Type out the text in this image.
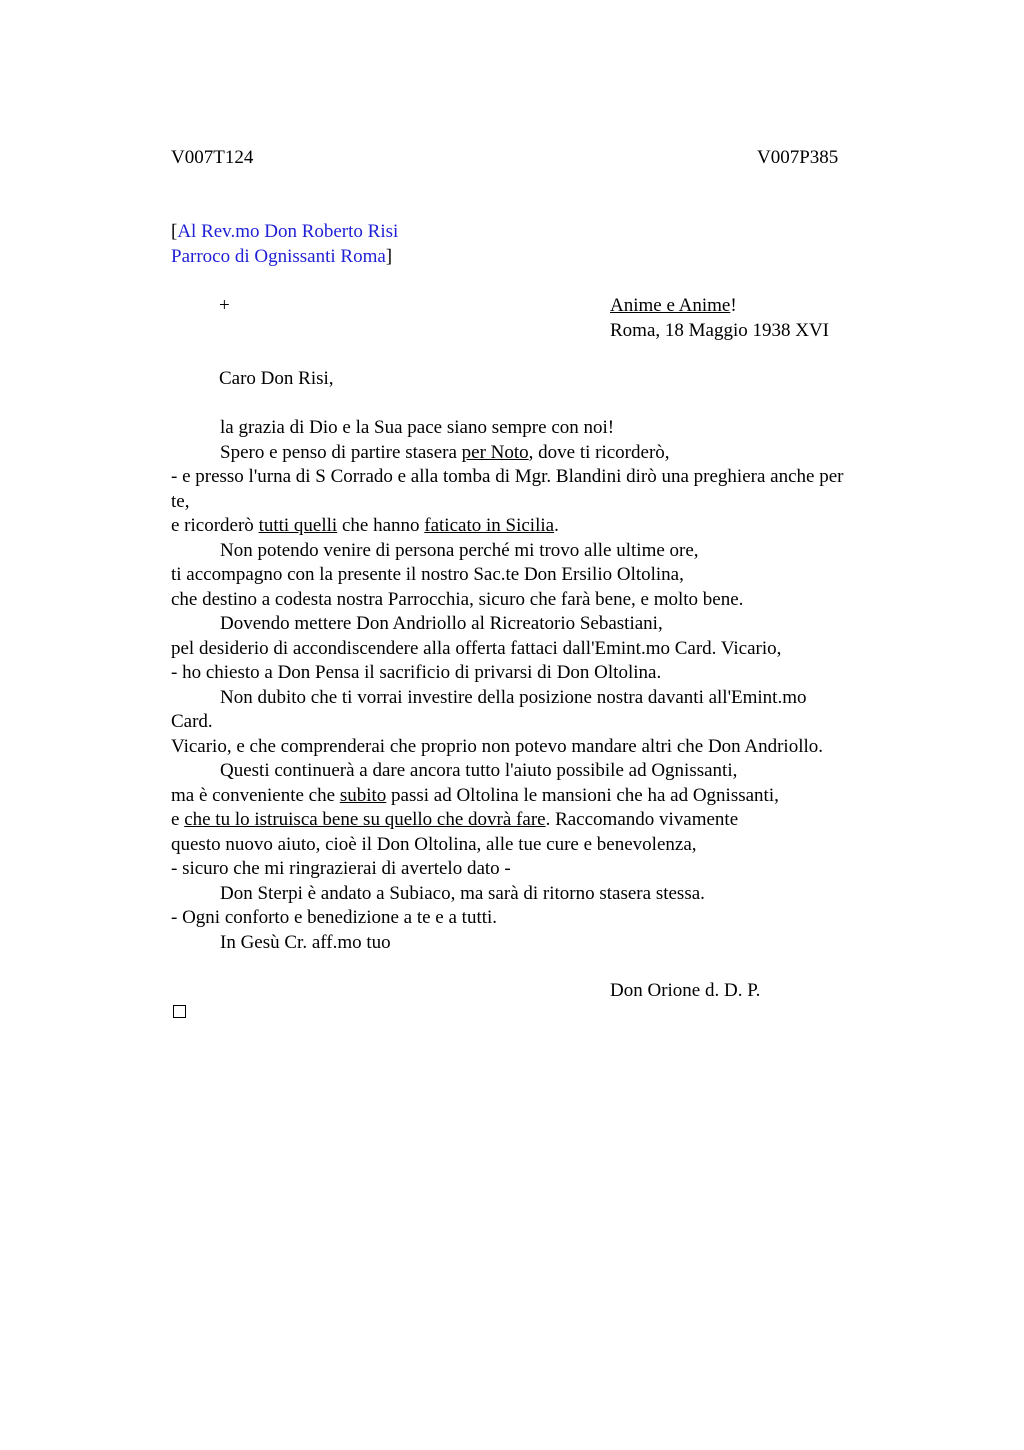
V007T124	V007P385
[Al Rev.mo Don Roberto Risi
Parroco di Ognissanti Roma]
+	Anime e Anime!
Roma, 18 Maggio 1938 XVI
Caro Don Risi,
la grazia di Dio e la Sua pace siano sempre con noi!
Spero e penso di partire stasera per Noto, dove ti ricorderò,
- e presso l'urna di S Corrado e alla tomba di Mgr. Blandini dirò una preghiera anche per
te,
e ricorderò tutti quelli che hanno faticato in Sicilia.
Non potendo venire di persona perché mi trovo alle ultime ore,
ti accompagno con la presente il nostro Sac.te Don Ersilio Oltolina,
che destino a codesta nostra Parrocchia, sicuro che farà bene, e molto bene.
Dovendo mettere Don Andriollo al Ricreatorio Sebastiani,
pel desiderio di accondiscendere alla offerta fattaci dall'Emint.mo Card. Vicario,
- ho chiesto a Don Pensa il sacrificio di privarsi di Don Oltolina.
Non dubito che ti vorrai investire della posizione nostra davanti all'Emint.mo
Card.
Vicario, e che comprenderai che proprio non potevo mandare altri che Don Andriollo.
Questi continuerà a dare ancora tutto l'aiuto possibile ad Ognissanti,
ma è conveniente che subito passi ad Oltolina le mansioni che ha ad Ognissanti,
e che tu lo istruisca bene su quello che dovrà fare. Raccomando vivamente
questo nuovo aiuto, cioè il Don Oltolina, alle tue cure e benevolenza,
- sicuro che mi ringrazierai di avertelo dato -
Don Sterpi è andato a Subiaco, ma sarà di ritorno stasera stessa.
- Ogni conforto e benedizione a te e a tutti.
In Gesù Cr. aff.mo tuo
Don Orione d. D. P.
